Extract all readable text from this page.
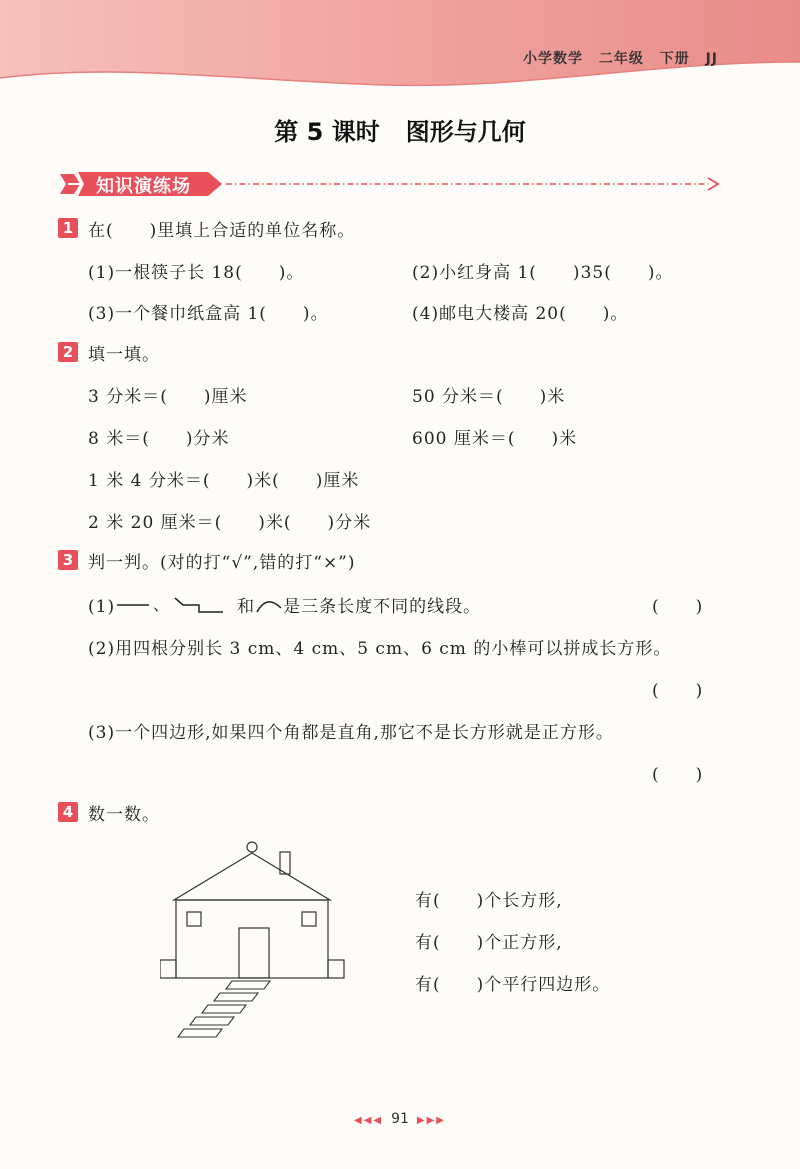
小学数学 二年级 下册 JJ
第 5 课时 图形与几何
知识演练场
1 在(　　)里填上合适的单位名称。
(1)一根筷子长 18(　　)。	(2)小红身高 1(　　)35(　　)。
(3)一个餐巾纸盒高 1(　　)。	(4)邮电大楼高 20(　　)。
2 填一填。
3 分米＝(　　)厘米	50 分米＝(　　)米
8 米＝(　　)分米	600 厘米＝(　　)米
1 米 4 分米＝(　　)米(　　)厘米
2 米 20 厘米＝(　　)米(　　)分米
3 判一判。(对的打“√”,错的打“×”)
(1) 、	和 是三条长度不同的线段。	(　　)
(2)用四根分别长 3 cm、4 cm、5 cm、6 cm 的小棒可以拼成长方形。
(　　)
(3)一个四边形,如果四个角都是直角,那它不是长方形就是正方形。
(　　)
4 数一数。
有(　　)个长方形,
有(　　)个正方形,
有(　　)个平行四边形。
◀◀◀ 91 ▶▶▶
